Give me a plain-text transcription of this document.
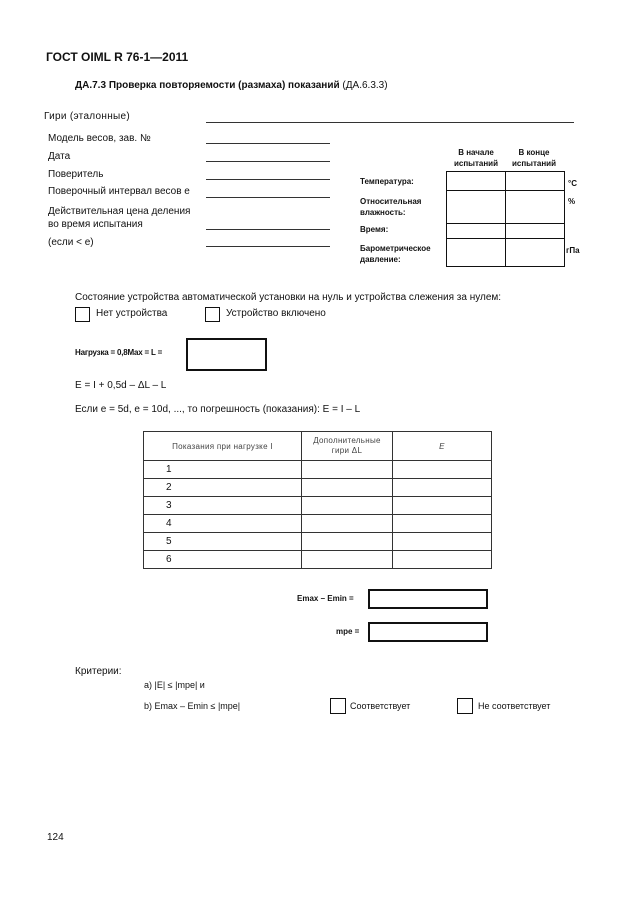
ГОСТ OIML R 76-1—2011
ДА.7.3 Проверка повторяемости (размаха) показаний (ДА.6.3.3)
Гири (эталонные)
Модель весов, зав. №
Дата
Поверитель
Поверочный интервал весов e
Действительная цена деления
во время испытания
(если < e)
В начале
испытаний
В конце
испытаний

Температура:	°С
Относительная
влажность:
%
Время:
Барометрическое
давление:
гПа
Состояние устройства автоматической установки на нуль и устройства слежения за нулем:
Нет устройства	Устройство включено
Нагрузка = 0,8Max = L =
E = I + 0,5d – ΔL – L
Если e = 5d, e = 10d, ..., то погрешность (показания): E = I – L
Показания при нагрузке I	Дополнительные
гири ΔL	E
1		
2		
3		
4		
5		
6		
Emax – Emin =
mpe =
Критерии:
a) |E| ≤ |mpe| и
b) Emax – Emin ≤ |mpe|	Соответствует	Не соответствует
124
